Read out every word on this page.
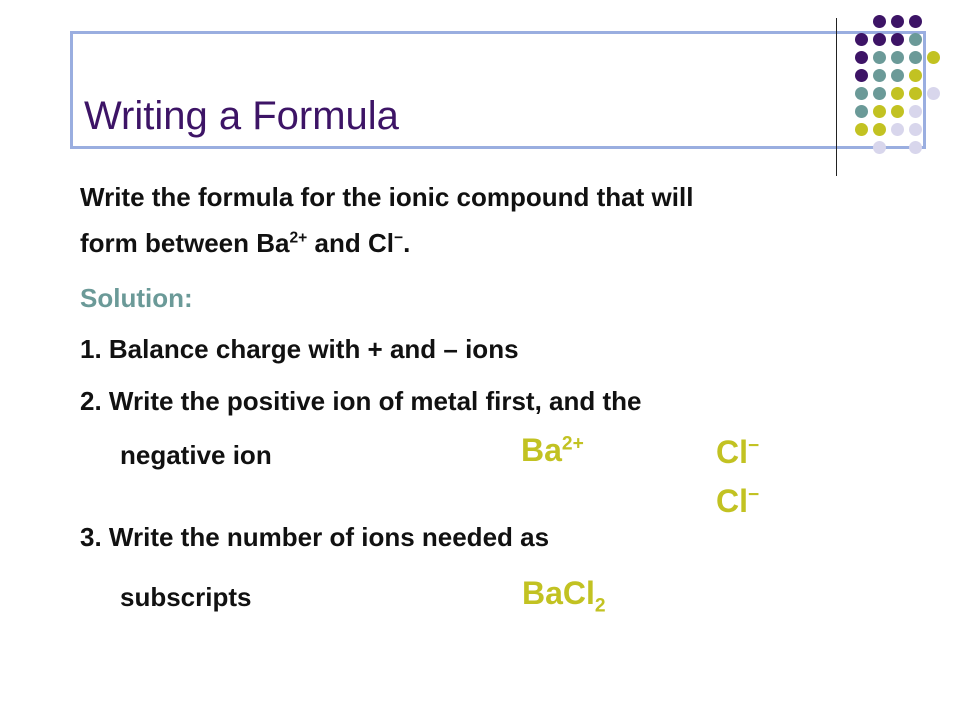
Writing a Formula
Write the formula for the ionic compound that will
form between $Ba^{2+}$ and Cl−.
Solution:
1. Balance charge with + and – ions
2. Write the positive ion of metal first, and the
negative ion	$Ba^{2+}$	Cl−
Cl−
3. Write the number of ions needed as
subscripts	BaCl$_2$
